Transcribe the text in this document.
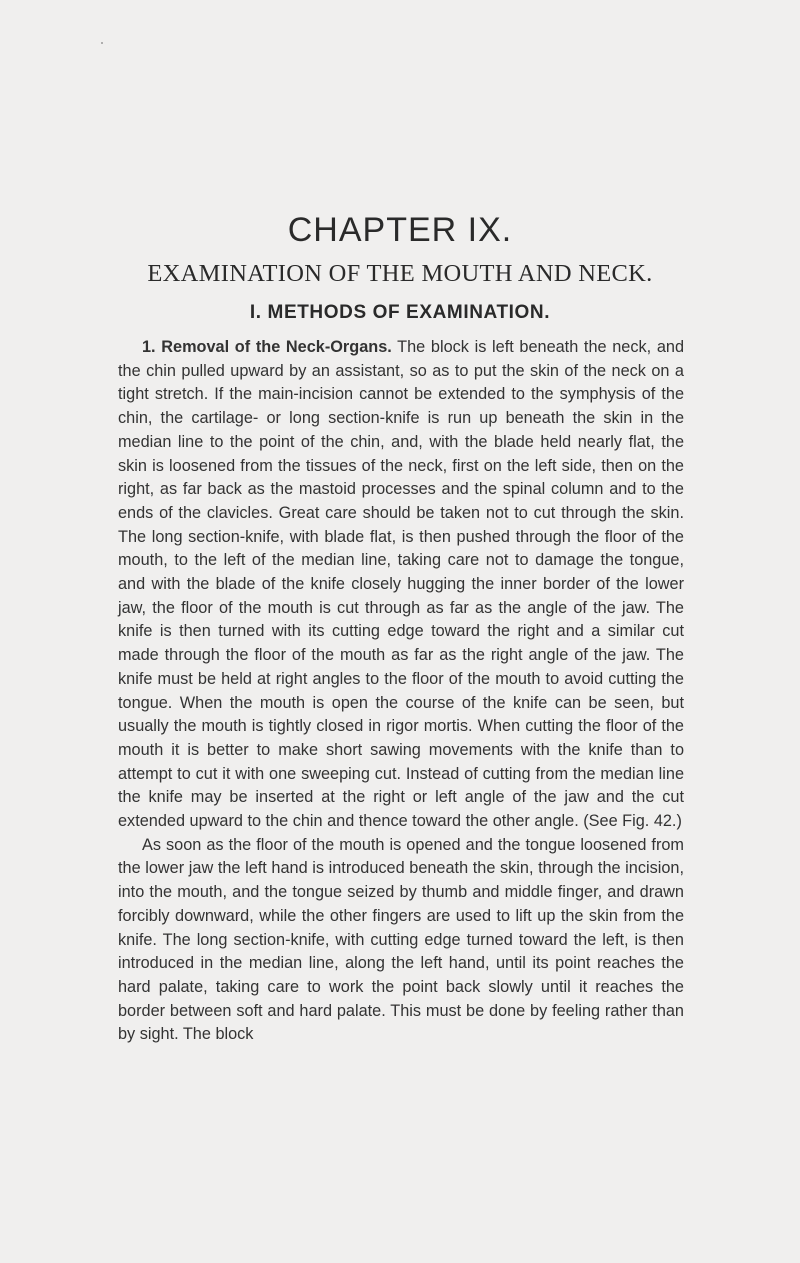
CHAPTER IX.
EXAMINATION OF THE MOUTH AND NECK.
I. METHODS OF EXAMINATION.

1. Removal of the Neck-Organs. The block is left beneath the neck, and the chin pulled upward by an assistant, so as to put the skin of the neck on a tight stretch. If the main-incision cannot be extended to the symphysis of the chin, the cartilage- or long section-knife is run up beneath the skin in the median line to the point of the chin, and, with the blade held nearly flat, the skin is loosened from the tissues of the neck, first on the left side, then on the right, as far back as the mastoid processes and the spinal column and to the ends of the clavicles. Great care should be taken not to cut through the skin. The long section-knife, with blade flat, is then pushed through the floor of the mouth, to the left of the median line, taking care not to damage the tongue, and with the blade of the knife closely hugging the inner border of the lower jaw, the floor of the mouth is cut through as far as the angle of the jaw. The knife is then turned with its cutting edge toward the right and a similar cut made through the floor of the mouth as far as the right angle of the jaw. The knife must be held at right angles to the floor of the mouth to avoid cutting the tongue. When the mouth is open the course of the knife can be seen, but usually the mouth is tightly closed in rigor mortis. When cutting the floor of the mouth it is better to make short sawing movements with the knife than to attempt to cut it with one sweeping cut. Instead of cutting from the median line the knife may be inserted at the right or left angle of the jaw and the cut extended upward to the chin and thence toward the other angle. (See Fig. 42.)

As soon as the floor of the mouth is opened and the tongue loosened from the lower jaw the left hand is introduced beneath the skin, through the incision, into the mouth, and the tongue seized by thumb and middle finger, and drawn forcibly downward, while the other fingers are used to lift up the skin from the knife. The long section-knife, with cutting edge turned toward the left, is then introduced in the median line, along the left hand, until its point reaches the hard palate, taking care to work the point back slowly until it reaches the border between soft and hard palate. This must be done by feeling rather than by sight. The block
